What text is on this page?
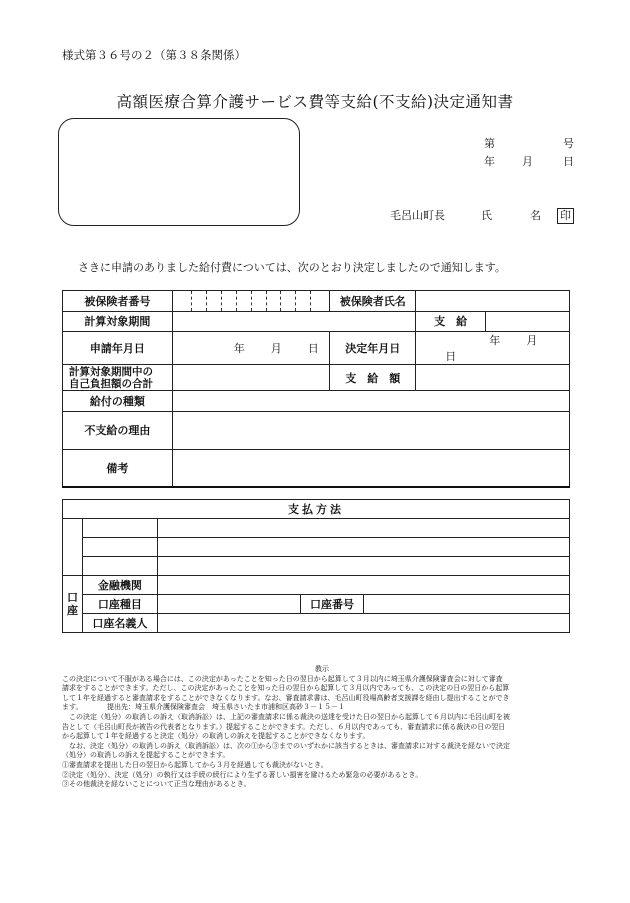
様式第３６号の２（第３８条関係）
高額医療合算介護サービス費等支給(不支給)決定通知書
第	号
年 月	日
毛呂山町長	氏	名 印
さきに申請のありました給付費については、次のとおり決定しましたので通知します。
被保険者番号		被保険者氏名		
計算対象期間			支　給	
申請年月日	年 月 日	決定年月日	年 月日	

計算対象期間中の
自己負担額の合計		支　給　額		
給付の種類				
不支給の理由				
備考				
支払方法				

口
座	金融機関			
	口座種目		口座番号	
	口座名義人			
教示

この決定について不服がある場合には、この決定があったことを知った日の翌日から起算して３月以内に埼玉県介護保険審査会に対して審査

請求をすることができます。ただし、この決定があったことを知った日の翌日から起算して３月以内であっても、この決定の日の翌日から起算

して１年を経過すると審査請求をすることができなくなります。なお、審査請求書は、毛呂山町役場高齢者支援課を経由し提出することができ

ます。　　　　提出先：埼玉県介護保険審査会　埼玉県さいたま市浦和区高砂３－１５－１

　この決定（処分）の取消しの訴え（取消訴訟）は、上記の審査請求に係る裁決の送達を受けた日の翌日から起算して６月以内に毛呂山町を被

告として（毛呂山町長が被告の代表者となります。）提起することができます。ただし、６月以内であっても、審査請求に係る裁決の日の翌日

から起算して１年を経過すると決定（処分）の取消しの訴えを提起することができなくなります。

　なお、決定（処分）の取消しの訴え（取消訴訟）は、次の①から③までのいずれかに該当するときは、審査請求に対する裁決を経ないで決定

（処分）の取消しの訴えを提起することができます。

①審査請求を提出した日の翌日から起算してから３月を経過しても裁決がないとき。

②決定（処分）、決定（処分）の執行又は手続の続行により生ずる著しい損害を避けるため緊急の必要があるとき。

③その他裁決を経ないことについて正当な理由があるとき。
